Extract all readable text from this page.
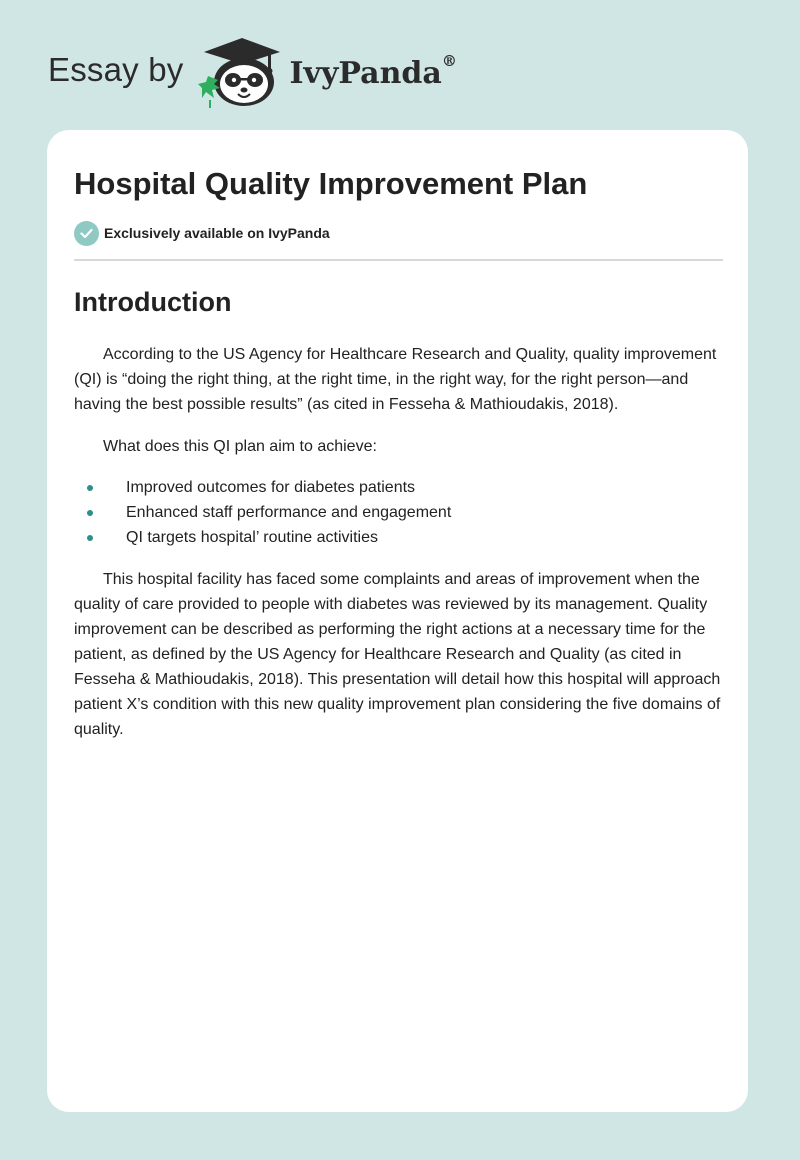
Essay by	IvyPanda®
Hospital Quality Improvement Plan
Exclusively available on IvyPanda
Introduction

According to the US Agency for Healthcare Research and Quality, quality improvement (QI) is “doing the right thing, at the right time, in the right way, for the right person—and having the best possible results” (as cited in Fesseha & Mathioudakis, 2018).

What does this QI plan aim to achieve:

Improved outcomes for diabetes patients
Enhanced staff performance and engagement
QI targets hospital’ routine activities

This hospital facility has faced some complaints and areas of improvement when the quality of care provided to people with diabetes was reviewed by its management. Quality improvement can be described as performing the right actions at a necessary time for the patient, as defined by the US Agency for Healthcare Research and Quality (as cited in Fesseha & Mathioudakis, 2018). This presentation will detail how this hospital will approach patient X’s condition with this new quality improvement plan considering the five domains of quality.
